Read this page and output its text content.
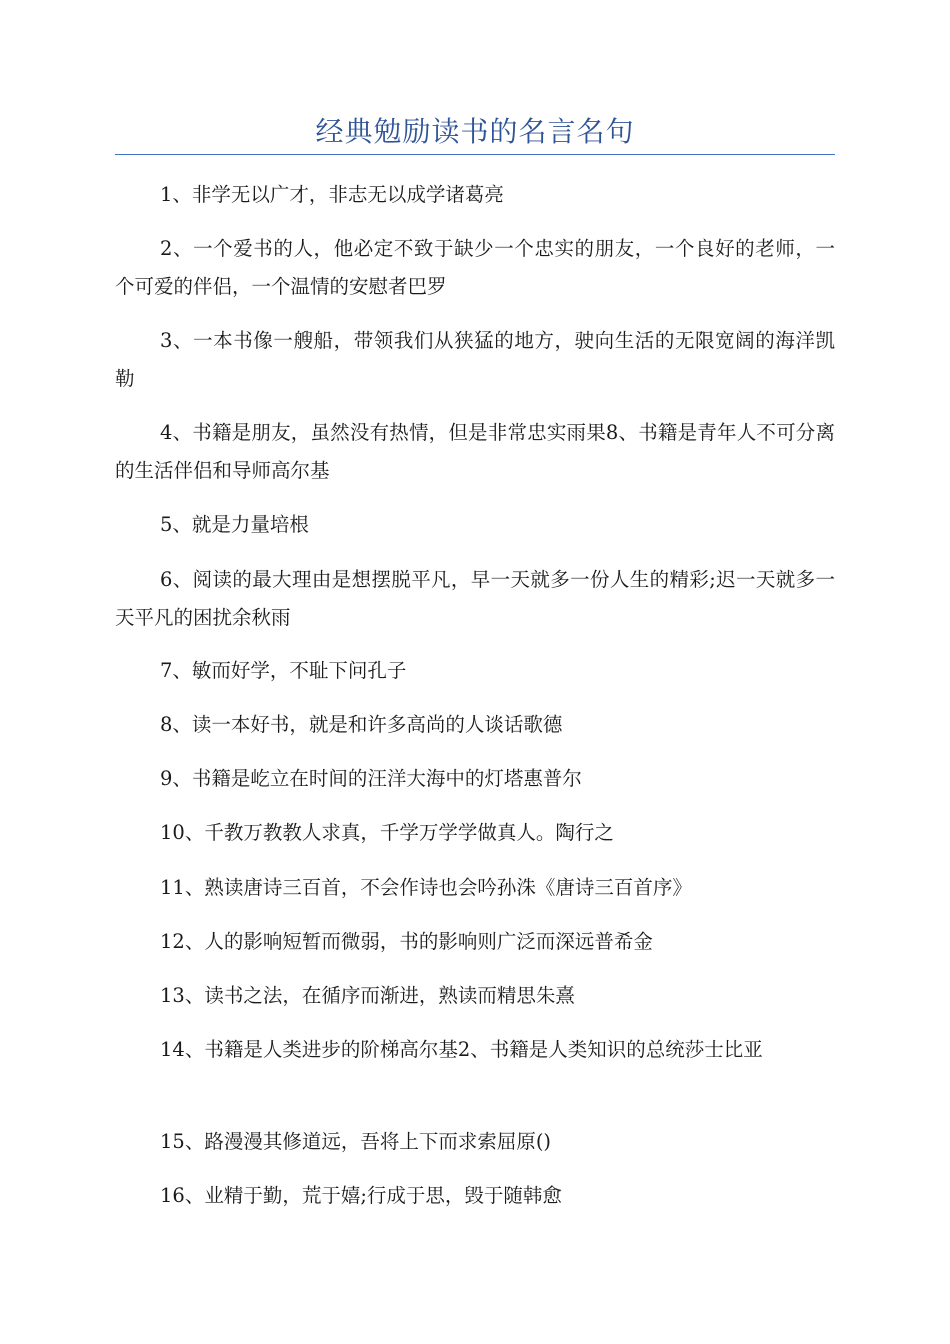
经典勉励读书的名言名句

1、非学无以广才，非志无以成学诸葛亮

2、一个爱书的人，他必定不致于缺少一个忠实的朋友，一个良好的老师，一个可爱的伴侣，一个温情的安慰者巴罗

3、一本书像一艘船，带领我们从狭猛的地方，驶向生活的无限宽阔的海洋凯勒

4、书籍是朋友，虽然没有热情，但是非常忠实雨果8、书籍是青年人不可分离的生活伴侣和导师高尔基

5、就是力量培根

6、阅读的最大理由是想摆脱平凡，早一天就多一份人生的精彩;迟一天就多一天平凡的困扰余秋雨

7、敏而好学，不耻下问孔子

8、读一本好书，就是和许多高尚的人谈话歌德

9、书籍是屹立在时间的汪洋大海中的灯塔惠普尔

10、千教万教教人求真，千学万学学做真人。陶行之

11、熟读唐诗三百首，不会作诗也会吟孙洙《唐诗三百首序》

12、人的影响短暂而微弱，书的影响则广泛而深远普希金

13、读书之法，在循序而渐进，熟读而精思朱熹

14、书籍是人类进步的阶梯高尔基2、书籍是人类知识的总统莎士比亚

15、路漫漫其修道远，吾将上下而求索屈原()

16、业精于勤，荒于嬉;行成于思，毁于随韩愈
